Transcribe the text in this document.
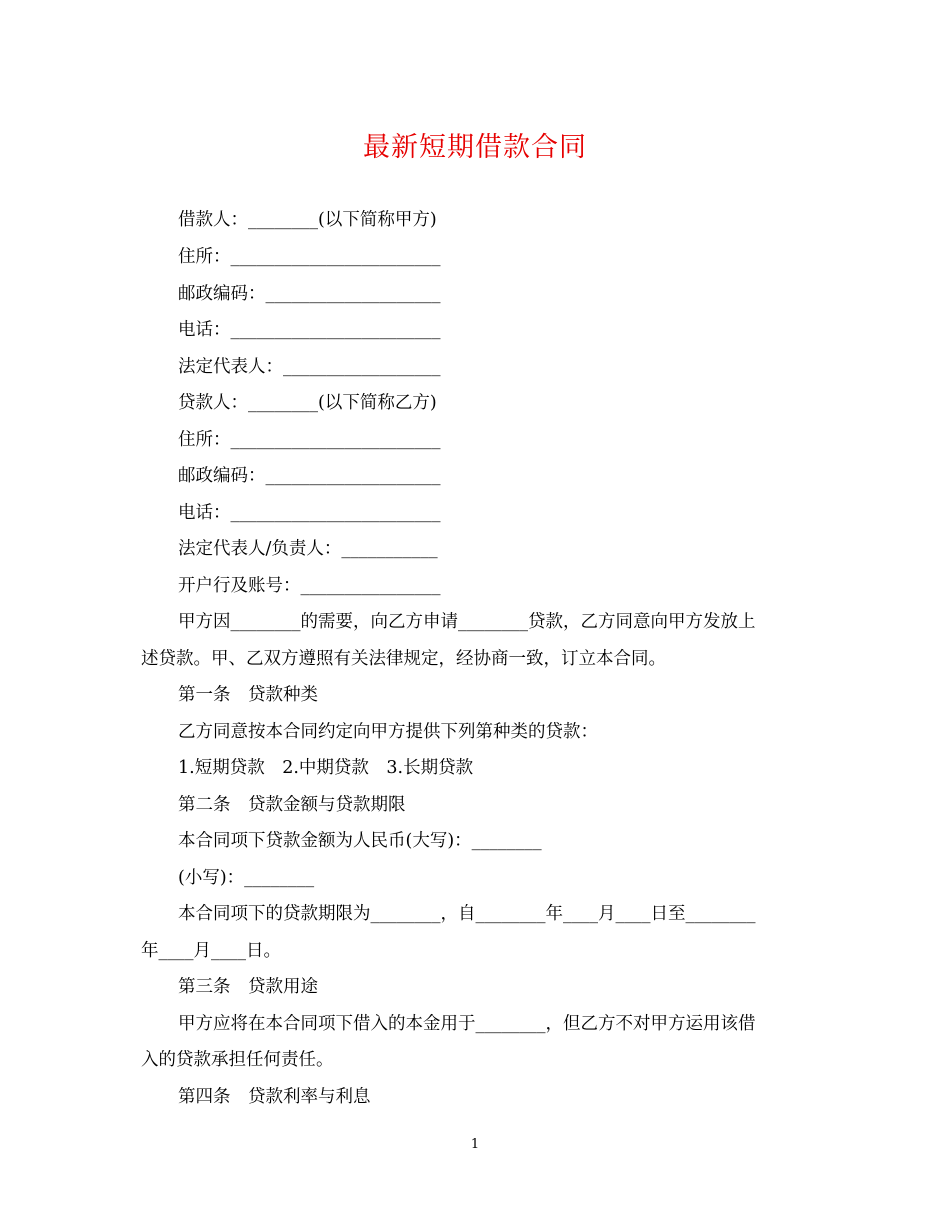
最新短期借款合同
借款人：________(以下简称甲方)
住所：________________________
邮政编码：____________________
电话：________________________
法定代表人：__________________
贷款人：________(以下简称乙方)
住所：________________________
邮政编码：____________________
电话：________________________
法定代表人/负责人：___________
开户行及账号：________________
甲方因________的需要，向乙方申请________贷款，乙方同意向甲方发放上
述贷款。甲、乙双方遵照有关法律规定，经协商一致，订立本合同。
第一条　贷款种类
乙方同意按本合同约定向甲方提供下列第种类的贷款：
1.短期贷款　2.中期贷款　3.长期贷款
第二条　贷款金额与贷款期限
本合同项下贷款金额为人民币(大写)：________
(小写)：________
本合同项下的贷款期限为________，自________年____月____日至________
年____月____日。
第三条　贷款用途
甲方应将在本合同项下借入的本金用于________，但乙方不对甲方运用该借
入的贷款承担任何责任。
第四条　贷款利率与利息
1
